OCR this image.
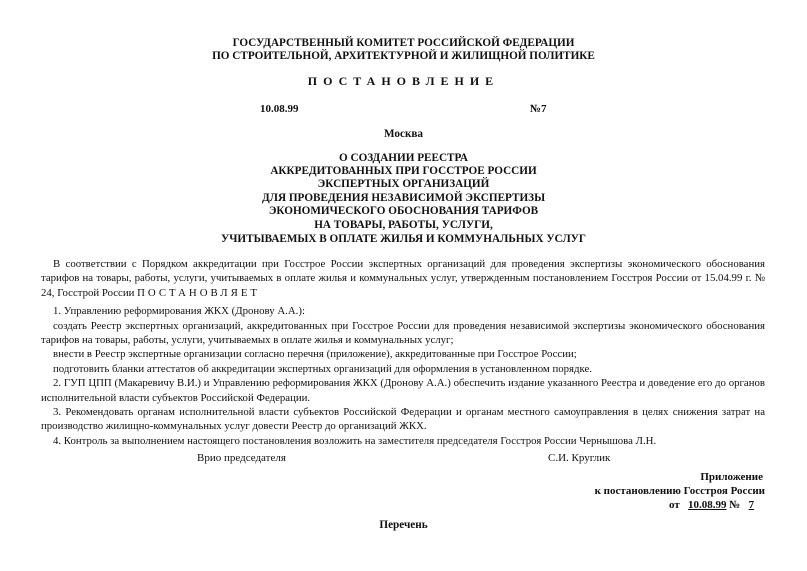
ГОСУДАРСТВЕННЫЙ КОМИТЕТ РОССИЙСКОЙ ФЕДЕРАЦИИ
ПО СТРОИТЕЛЬНОЙ, АРХИТЕКТУРНОЙ И ЖИЛИЩНОЙ ПОЛИТИКЕ
ПОСТАНОВЛЕНИЕ
10.08.99	№7
Москва
О СОЗДАНИИ РЕЕСТРА
АККРЕДИТОВАННЫХ ПРИ ГОССТРОЕ РОССИИ
ЭКСПЕРТНЫХ ОРГАНИЗАЦИЙ
ДЛЯ ПРОВЕДЕНИЯ НЕЗАВИСИМОЙ ЭКСПЕРТИЗЫ
ЭКОНОМИЧЕСКОГО ОБОСНОВАНИЯ ТАРИФОВ
НА ТОВАРЫ, РАБОТЫ, УСЛУГИ,
УЧИТЫВАЕМЫХ В ОПЛАТЕ ЖИЛЬЯ И КОММУНАЛЬНЫХ УСЛУГ

В соответствии с Порядком аккредитации при Госстрое России экспертных организаций для проведения экспертизы экономического обоснования тарифов на товары, работы, услуги, учитываемых в оплате жилья и коммунальных услуг, утвержденным постановлением Госстроя России от 15.04.99 г. № 24, Госстрой России ПОСТАНОВЛЯЕТ

1. Управлению реформирования ЖКХ (Дронову А.А.):

создать Реестр экспертных организаций, аккредитованных при Госстрое России для проведения независимой экспертизы экономического обоснования тарифов на товары, работы, услуги, учитываемых в оплате жилья и коммунальных услуг;

внести в Реестр экспертные организации согласно перечня (приложение), аккредитованные при Госстрое России;

подготовить бланки аттестатов об аккредитации экспертных организаций для оформления в установленном порядке.

2. ГУП ЦПП (Макаревичу В.И.) и Управлению реформирования ЖКХ (Дронову А.А.) обеспечить издание указанного Реестра и доведение его до органов исполнительной власти субъектов Российской Федерации.

3. Рекомендовать органам исполнительной власти субъектов Российской Федерации и органам местного самоуправления в целях снижения затрат на производство жилищно-коммунальных услуг довести Реестр до организаций ЖКХ.

4. Контроль за выполнением настоящего постановления возложить на заместителя председателя Госстроя России Чернышова Л.Н.

Врио председателя	С.И. Круглик
Приложение
к постановлению Госстроя России
от 10.08.99 № 7
Перечень
